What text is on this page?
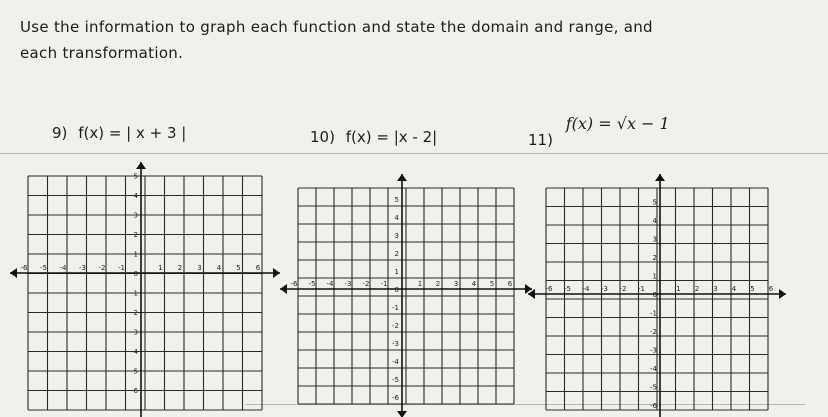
Use the information to graph each function and state the domain and range, and
each transformation.
9) f(x) = | x + 3 |	10) f(x) = |x - 2|	11) f(x) = √x − 1
-6 -5 -4 -3 -2 -1	1 2 3 4 5 6
5
4
3
2
1
0
-1
-2
-3
-4
-5
-6
-6 -5 -4 -3 -2 -1	1 2 3 4 5 6
5
4
3
2
1
0
-1
-2
-3
-4
-5
-6
-6 -5 -4 -3 -2 -1	1 2 3 4 5 6
5
4
3
2
1
0
-1
-2
-3
-4
-5
-6
